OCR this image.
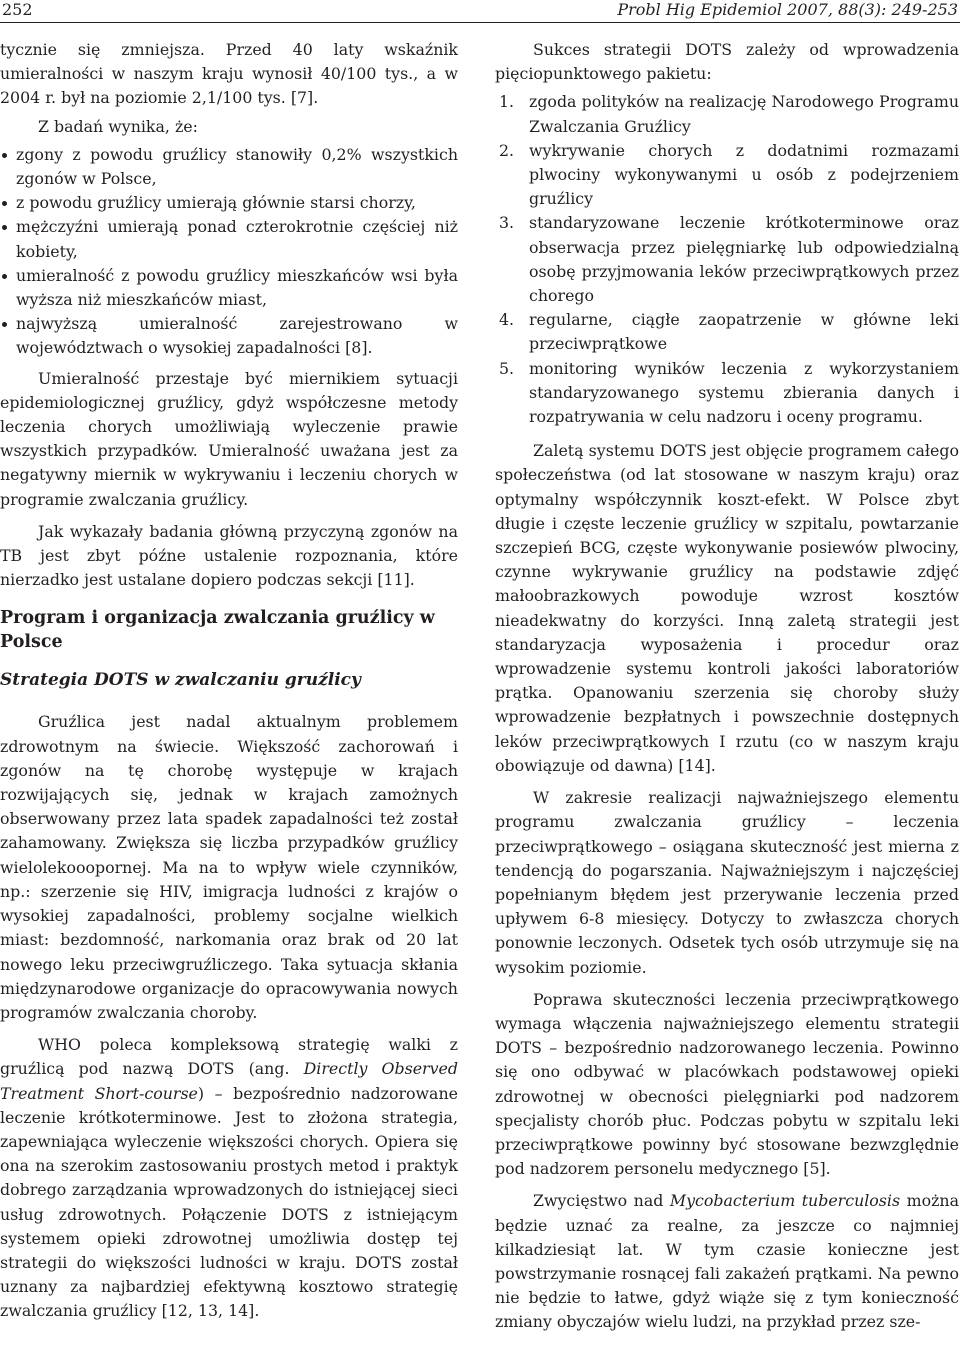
252	Probl Hig Epidemiol 2007, 88(3): 249-253

tycznie się zmniejsza. Przed 40 laty wskaźnik umieralności w naszym kraju wynosił 40/100 tys., a w 2004 r. był na poziomie 2,1/100 tys. [7].

Z badań wynika, że:

zgony z powodu gruźlicy stanowiły 0,2% wszystkich zgonów w Polsce,
z powodu gruźlicy umierają głównie starsi chorzy,
mężczyźni umierają ponad czterokrotnie częściej niż kobiety,
umieralność z powodu gruźlicy mieszkańców wsi była wyższa niż mieszkańców miast,
najwyższą umieralność zarejestrowano w województwach o wysokiej zapadalności [8].

Umieralność przestaje być miernikiem sytuacji epidemiologicznej gruźlicy, gdyż współczesne metody leczenia chorych umożliwiają wyleczenie prawie wszystkich przypadków. Umieralność uważana jest za negatywny miernik w wykrywaniu i leczeniu chorych w programie zwalczania gruźlicy.

Jak wykazały badania główną przyczyną zgonów na TB jest zbyt późne ustalenie rozpoznania, które nierzadko jest ustalane dopiero podczas sekcji [11].

Program i organizacja zwalczania gruźlicy w Polsce
Strategia DOTS w zwalczaniu gruźlicy

Gruźlica jest nadal aktualnym problemem zdrowotnym na świecie. Większość zachorowań i zgonów na tę chorobę występuje w krajach rozwijających się, jednak w krajach zamożnych obserwowany przez lata spadek zapadalności też został zahamowany. Zwiększa się liczba przypadków gruźlicy wielolekooopornej. Ma na to wpływ wiele czynników, np.: szerzenie się HIV, imigracja ludności z krajów o wysokiej zapadalności, problemy socjalne wielkich miast: bezdomność, narkomania oraz brak od 20 lat nowego leku przeciwgruźliczego. Taka sytuacja skłania międzynarodowe organizacje do opracowywania nowych programów zwalczania choroby.

WHO poleca kompleksową strategię walki z gruźlicą pod nazwą DOTS (ang. Directly Observed Treatment Short-course) – bezpośrednio nadzorowane leczenie krótkoterminowe. Jest to złożona strategia, zapewniająca wyleczenie większości chorych. Opiera się ona na szerokim zastosowaniu prostych metod i praktyk dobrego zarządzania wprowadzonych do istniejącej sieci usług zdrowotnych. Połączenie DOTS z istniejącym systemem opieki zdrowotnej umożliwia dostęp tej strategii do większości ludności w kraju. DOTS został uznany za najbardziej efektywną kosztowo strategię zwalczania gruźlicy [12, 13, 14].

Sukces strategii DOTS zależy od wprowadzenia pięciopunktowego pakietu:

1. zgoda polityków na realizację Narodowego Programu Zwalczania Gruźlicy
2. wykrywanie chorych z dodatnimi rozmazami plwociny wykonywanymi u osób z podejrzeniem gruźlicy
3. standaryzowane leczenie krótkoterminowe oraz obserwacja przez pielęgniarkę lub odpowiedzialną osobę przyjmowania leków przeciwprątkowych przez chorego
4. regularne, ciągłe zaopatrzenie w główne leki przeciwprątkowe
5. monitoring wyników leczenia z wykorzystaniem standaryzowanego systemu zbierania danych i rozpatrywania w celu nadzoru i oceny programu.

Zaletą systemu DOTS jest objęcie programem całego społeczeństwa (od lat stosowane w naszym kraju) oraz optymalny współczynnik koszt-efekt. W Polsce zbyt długie i częste leczenie gruźlicy w szpitalu, powtarzanie szczepień BCG, częste wykonywanie posiewów plwociny, czynne wykrywanie gruźlicy na podstawie zdjęć małoobrazkowych powoduje wzrost kosztów nieadekwatny do korzyści. Inną zaletą strategii jest standaryzacja wyposażenia i procedur oraz wprowadzenie systemu kontroli jakości laboratoriów prątka. Opanowaniu szerzenia się choroby służy wprowadzenie bezpłatnych i powszechnie dostępnych leków przeciwprątkowych I rzutu (co w naszym kraju obowiązuje od dawna) [14].

W zakresie realizacji najważniejszego elementu programu zwalczania gruźlicy – leczenia przeciwprątkowego – osiągana skuteczność jest mierna z tendencją do pogarszania. Najważniejszym i najczęściej popełnianym błędem jest przerywanie leczenia przed upływem 6-8 miesięcy. Dotyczy to zwłaszcza chorych ponownie leczonych. Odsetek tych osób utrzymuje się na wysokim poziomie.

Poprawa skuteczności leczenia przeciwprątkowego wymaga włączenia najważniejszego elementu strategii DOTS – bezpośrednio nadzorowanego leczenia. Powinno się ono odbywać w placówkach podstawowej opieki zdrowotnej w obecności pielęgniarki pod nadzorem specjalisty chorób płuc. Podczas pobytu w szpitalu leki przeciwprątkowe powinny być stosowane bezwzględnie pod nadzorem personelu medycznego [5].

Zwycięstwo nad Mycobacterium tuberculosis można będzie uznać za realne, za jeszcze co najmniej kilkadziesiąt lat. W tym czasie konieczne jest powstrzymanie rosnącej fali zakażeń prątkami. Na pewno nie będzie to łatwe, gdyż wiąże się z tym konieczność zmiany obyczajów wielu ludzi, na przykład przez sze-
